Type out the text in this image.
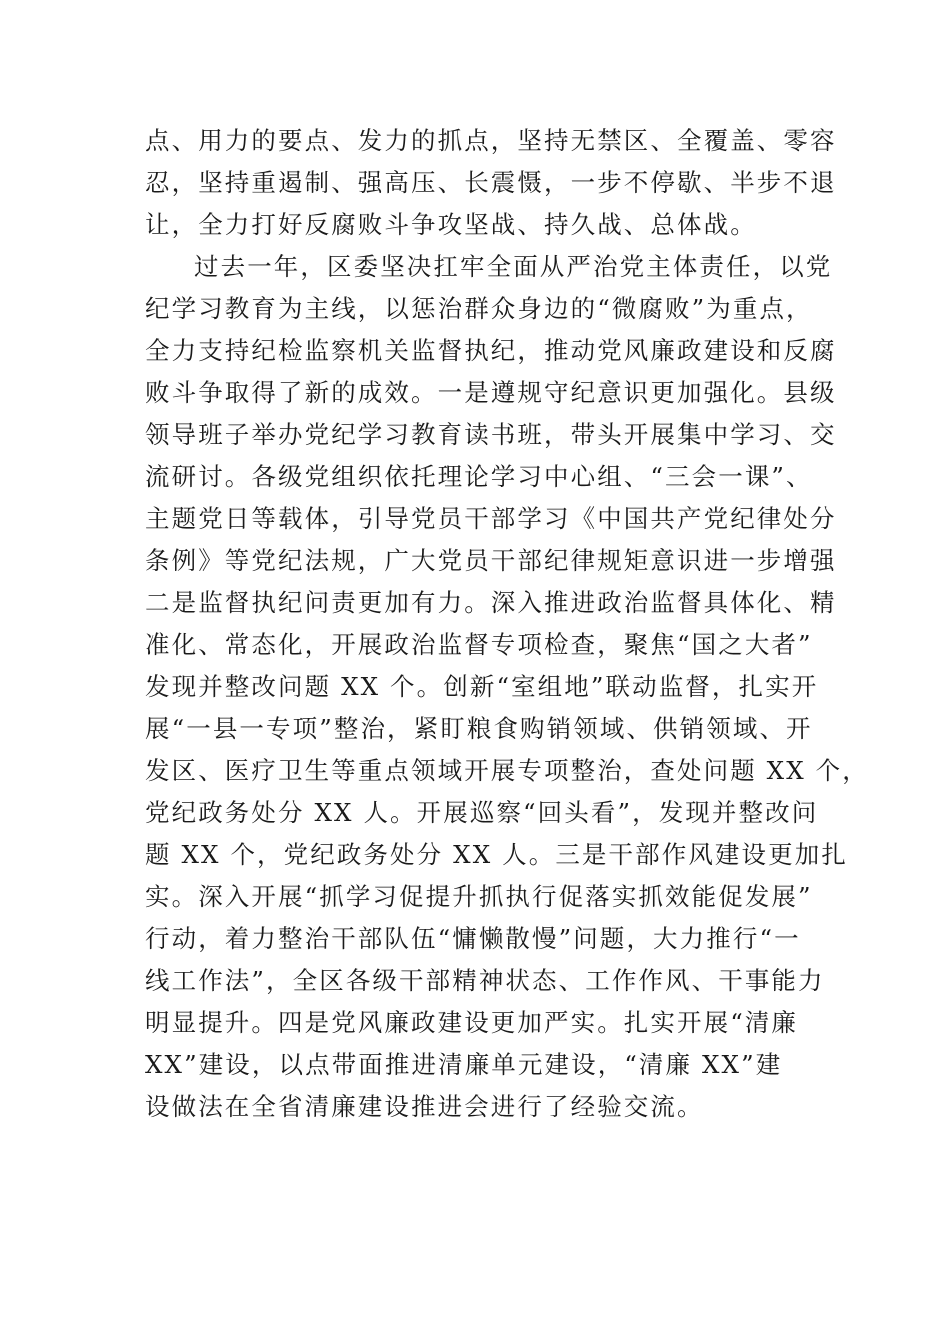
点、用力的要点、发力的抓点，坚持无禁区、全覆盖、零容
忍，坚持重遏制、强高压、长震慑，一步不停歇、半步不退
让，全力打好反腐败斗争攻坚战、持久战、总体战。
过去一年，区委坚决扛牢全面从严治党主体责任，以党
纪学习教育为主线，以惩治群众身边的“微腐败”为重点，
全力支持纪检监察机关监督执纪，推动党风廉政建设和反腐
败斗争取得了新的成效。一是遵规守纪意识更加强化。县级
领导班子举办党纪学习教育读书班，带头开展集中学习、交
流研讨。各级党组织依托理论学习中心组、“三会一课”、
主题党日等载体，引导党员干部学习《中国共产党纪律处分
条例》等党纪法规，广大党员干部纪律规矩意识进一步增强
二是监督执纪问责更加有力。深入推进政治监督具体化、精
准化、常态化，开展政治监督专项检查，聚焦“国之大者”
发现并整改问题 XX 个。创新“室组地”联动监督，扎实开
展“一县一专项”整治，紧盯粮食购销领域、供销领域、开
发区、医疗卫生等重点领域开展专项整治，查处问题 XX 个，
党纪政务处分 XX 人。开展巡察“回头看”，发现并整改问
题 XX 个，党纪政务处分 XX 人。三是干部作风建设更加扎
实。深入开展“抓学习促提升抓执行促落实抓效能促发展”
行动，着力整治干部队伍“慵懒散慢”问题，大力推行“一
线工作法”，全区各级干部精神状态、工作作风、干事能力
明显提升。四是党风廉政建设更加严实。扎实开展“清廉
XX”建设，以点带面推进清廉单元建设，“清廉 XX”建
设做法在全省清廉建设推进会进行了经验交流。
